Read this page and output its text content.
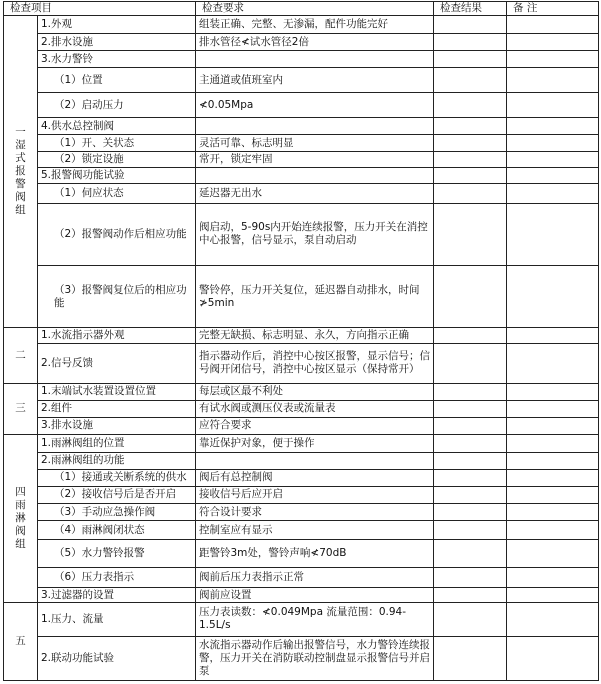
检查项目		检查要求	检查结果	备 注

一湿式报警阀组	1.外观	组装正确、完整、无渗漏，配件功能完好		
	2.排水设施	排水管径≮试水管径2倍		
	3.水力警铃			
	（1）位置	主通道或值班室内		
	（2）启动压力	≮0.05Mpa		
	4.供水总控制阀			
	（1）开、关状态	灵活可靠、标志明显		
	（2）锁定设施	常开，锁定牢固		
	5.报警阀功能试验			
	（1）伺应状态	延迟器无出水		
	（2）报警阀动作后相应功能	阀启动，5-90s内开始连续报警，压力开关在消控中心报警，信号显示，泵自动启动		
	（3）报警阀复位后的相应功能	警铃停，压力开关复位，延迟器自动排水，时间≯5min		

二	1.水流指示器外观	完整无缺损、标志明显、永久，方向指示正确		
	2.信号反馈	指示器动作后，消控中心按区报警，显示信号；信号阀开闭信号，消控中心按区显示（保持常开）		

三	1.末端试水装置设置位置	每层或区最不利处		
	2.组件	有试水阀或测压仪表或流量表		
	3.排水设施	应符合要求		

四雨淋阀组	1.雨淋阀组的位置	靠近保护对象，便于操作		
	2.雨淋阀组的功能			
	（1）接通或关断系统的供水	阀后有总控制阀		
	（2）接收信号后是否开启	接收信号后应开启		
	（3）手动应急操作阀	符合设计要求		
	（4）雨淋阀闭状态	控制室应有显示		
	（5）水力警铃报警	距警铃3m处，警铃声响≮70dB		
	（6）压力表指示	阀前后压力表指示正常		
	3.过滤器的设置	阀前应设置		

五	1.压力、流量	压力表读数：≮0.049Mpa 流量范围：0.94-1.5L/s		
	2.联动功能试验	水流指示器动作后输出报警信号，水力警铃连续报警，压力开关在消防联动控制盘显示报警信号并启泵		
